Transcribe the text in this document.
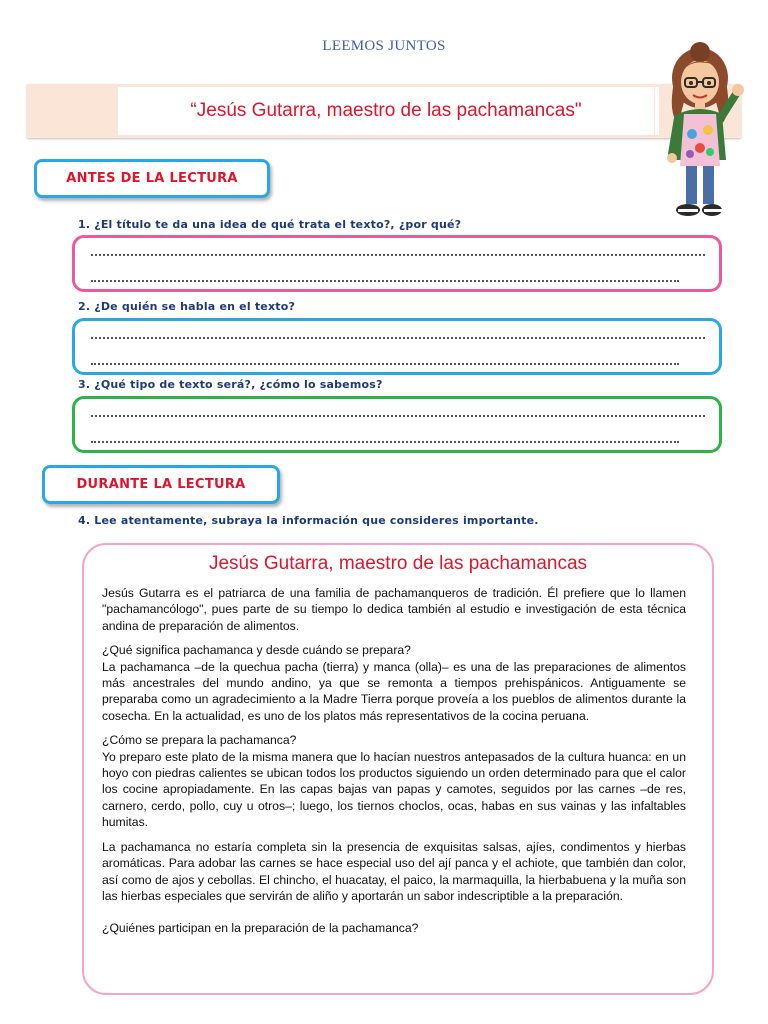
LEEMOS JUNTOS
“Jesús Gutarra, maestro de las pachamancas"
ANTES DE LA LECTURA
1. ¿El título te da una idea de qué trata el texto?, ¿por qué?
2. ¿De quién se habla en el texto?
3. ¿Qué tipo de texto será?, ¿cómo lo sabemos?
DURANTE LA LECTURA
4. Lee atentamente, subraya la información que consideres importante.
Jesús Gutarra, maestro de las pachamancas

Jesús Gutarra es el patriarca de una familia de pachamanqueros de tradición. Él prefiere que lo llamen "pachamancólogo", pues parte de su tiempo lo dedica también al estudio e investigación de esta técnica andina de preparación de alimentos.

¿Qué significa pachamanca y desde cuándo se prepara?

La pachamanca –de la quechua pacha (tierra) y manca (olla)– es una de las preparaciones de alimentos más ancestrales del mundo andino, ya que se remonta a tiempos prehispánicos. Antiguamente se preparaba como un agradecimiento a la Madre Tierra porque proveía a los pueblos de alimentos durante la cosecha. En la actualidad, es uno de los platos más representativos de la cocina peruana.

¿Cómo se prepara la pachamanca?

Yo preparo este plato de la misma manera que lo hacían nuestros antepasados de la cultura huanca: en un hoyo con piedras calientes se ubican todos los productos siguiendo un orden determinado para que el calor los cocine apropiadamente. En las capas bajas van papas y camotes, seguidos por las carnes –de res, carnero, cerdo, pollo, cuy u otros–; luego, los tiernos choclos, ocas, habas en sus vainas y las infaltables humitas.

La pachamanca no estaría completa sin la presencia de exquisitas salsas, ajíes, condimentos y hierbas aromáticas. Para adobar las carnes se hace especial uso del ají panca y el achiote, que también dan color, así como de ajos y cebollas. El chincho, el huacatay, el paico, la marmaquilla, la hierbabuena y la muña son las hierbas especiales que servirán de aliño y aportarán un sabor indescriptible a la preparación.

¿Quiénes participan en la preparación de la pachamanca?
